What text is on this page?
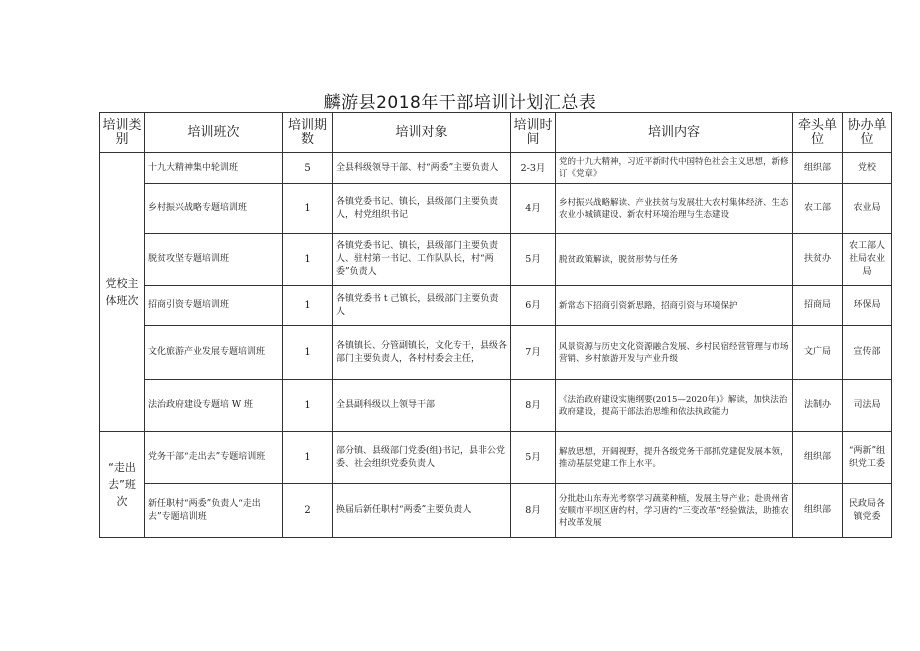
麟游县2018年干部培训计划汇总表
培训类别	培训班次	培训期数	培训对象	培训时间	培训内容	牵头单位	协办单位
党校主体班次	十九大精神集中轮训班	5	全县科级领导干部、村“两委”主要负责人	2-3月	党的十九大精神，习近平新时代中国特色社会主义思想，新修订《党章》	组织部	党校
	乡村振兴战略专题培训班	1	各镇党委书记、镇长，县级部门主要负责人，村党组织书记	4月	乡村振兴战略解读、产业扶贫与发展壮大农村集体经济、生态农业小城镇建设、新农村环境治理与生态建设	农工部	农业局
	脱贫攻坚专题培训班	1	各镇党委书记、镇长，县级部门主要负责人、驻村第一书记、工作队队长，村“两委”负责人	5月	脱贫政策解读，脱贫形势与任务	扶贫办	农工部人社局农业局
	招商引资专题培训班	1	各镇党委书 t 己镇长，县级部门主要负责人	6月	新常态下招商引资新思路，招商引资与环境保护	招商局	环保局
	文化旅游产业发展专题培训班	1	各镇镇长、分管副镇长，文化专干，县级各部门主要负责人，各村村委会主任，	7月	风景资源与历史文化资源融合发展、乡村民宿经营管理与市场营销、乡村旅游开发与产业升级	文广局	宣传部
	法治政府建设专题培 W 班	1	全县副科级以上领导干部	8月	《法治政府建设实施纲要(2015—2020年)》解读，加快法治政府建设，提高干部法治思维和依法执政能力	法制办	司法局
“走出去”班次	党务干部“走出去”专题培训班	1	部分镇、县级部门党委(组)书记，县非公党委、社会组织党委负责人	5月	解放思想，开阔视野，提升各级党务干部抓党建促发展本领，推动基层党建工作上水平。	组织部	“两新”组织党工委
	新任职村“两委”负责人“走出去”专题培训班	2	换届后新任职村“两委”主要负责人	8月	分批赴山东寿光考察学习蔬菜种植，发展主导产业；赴贵州省安顺市平坝区唐约村，学习唐约“三变改革”经验做法，助推农村改革发展	组织部	民政局各镇党委
